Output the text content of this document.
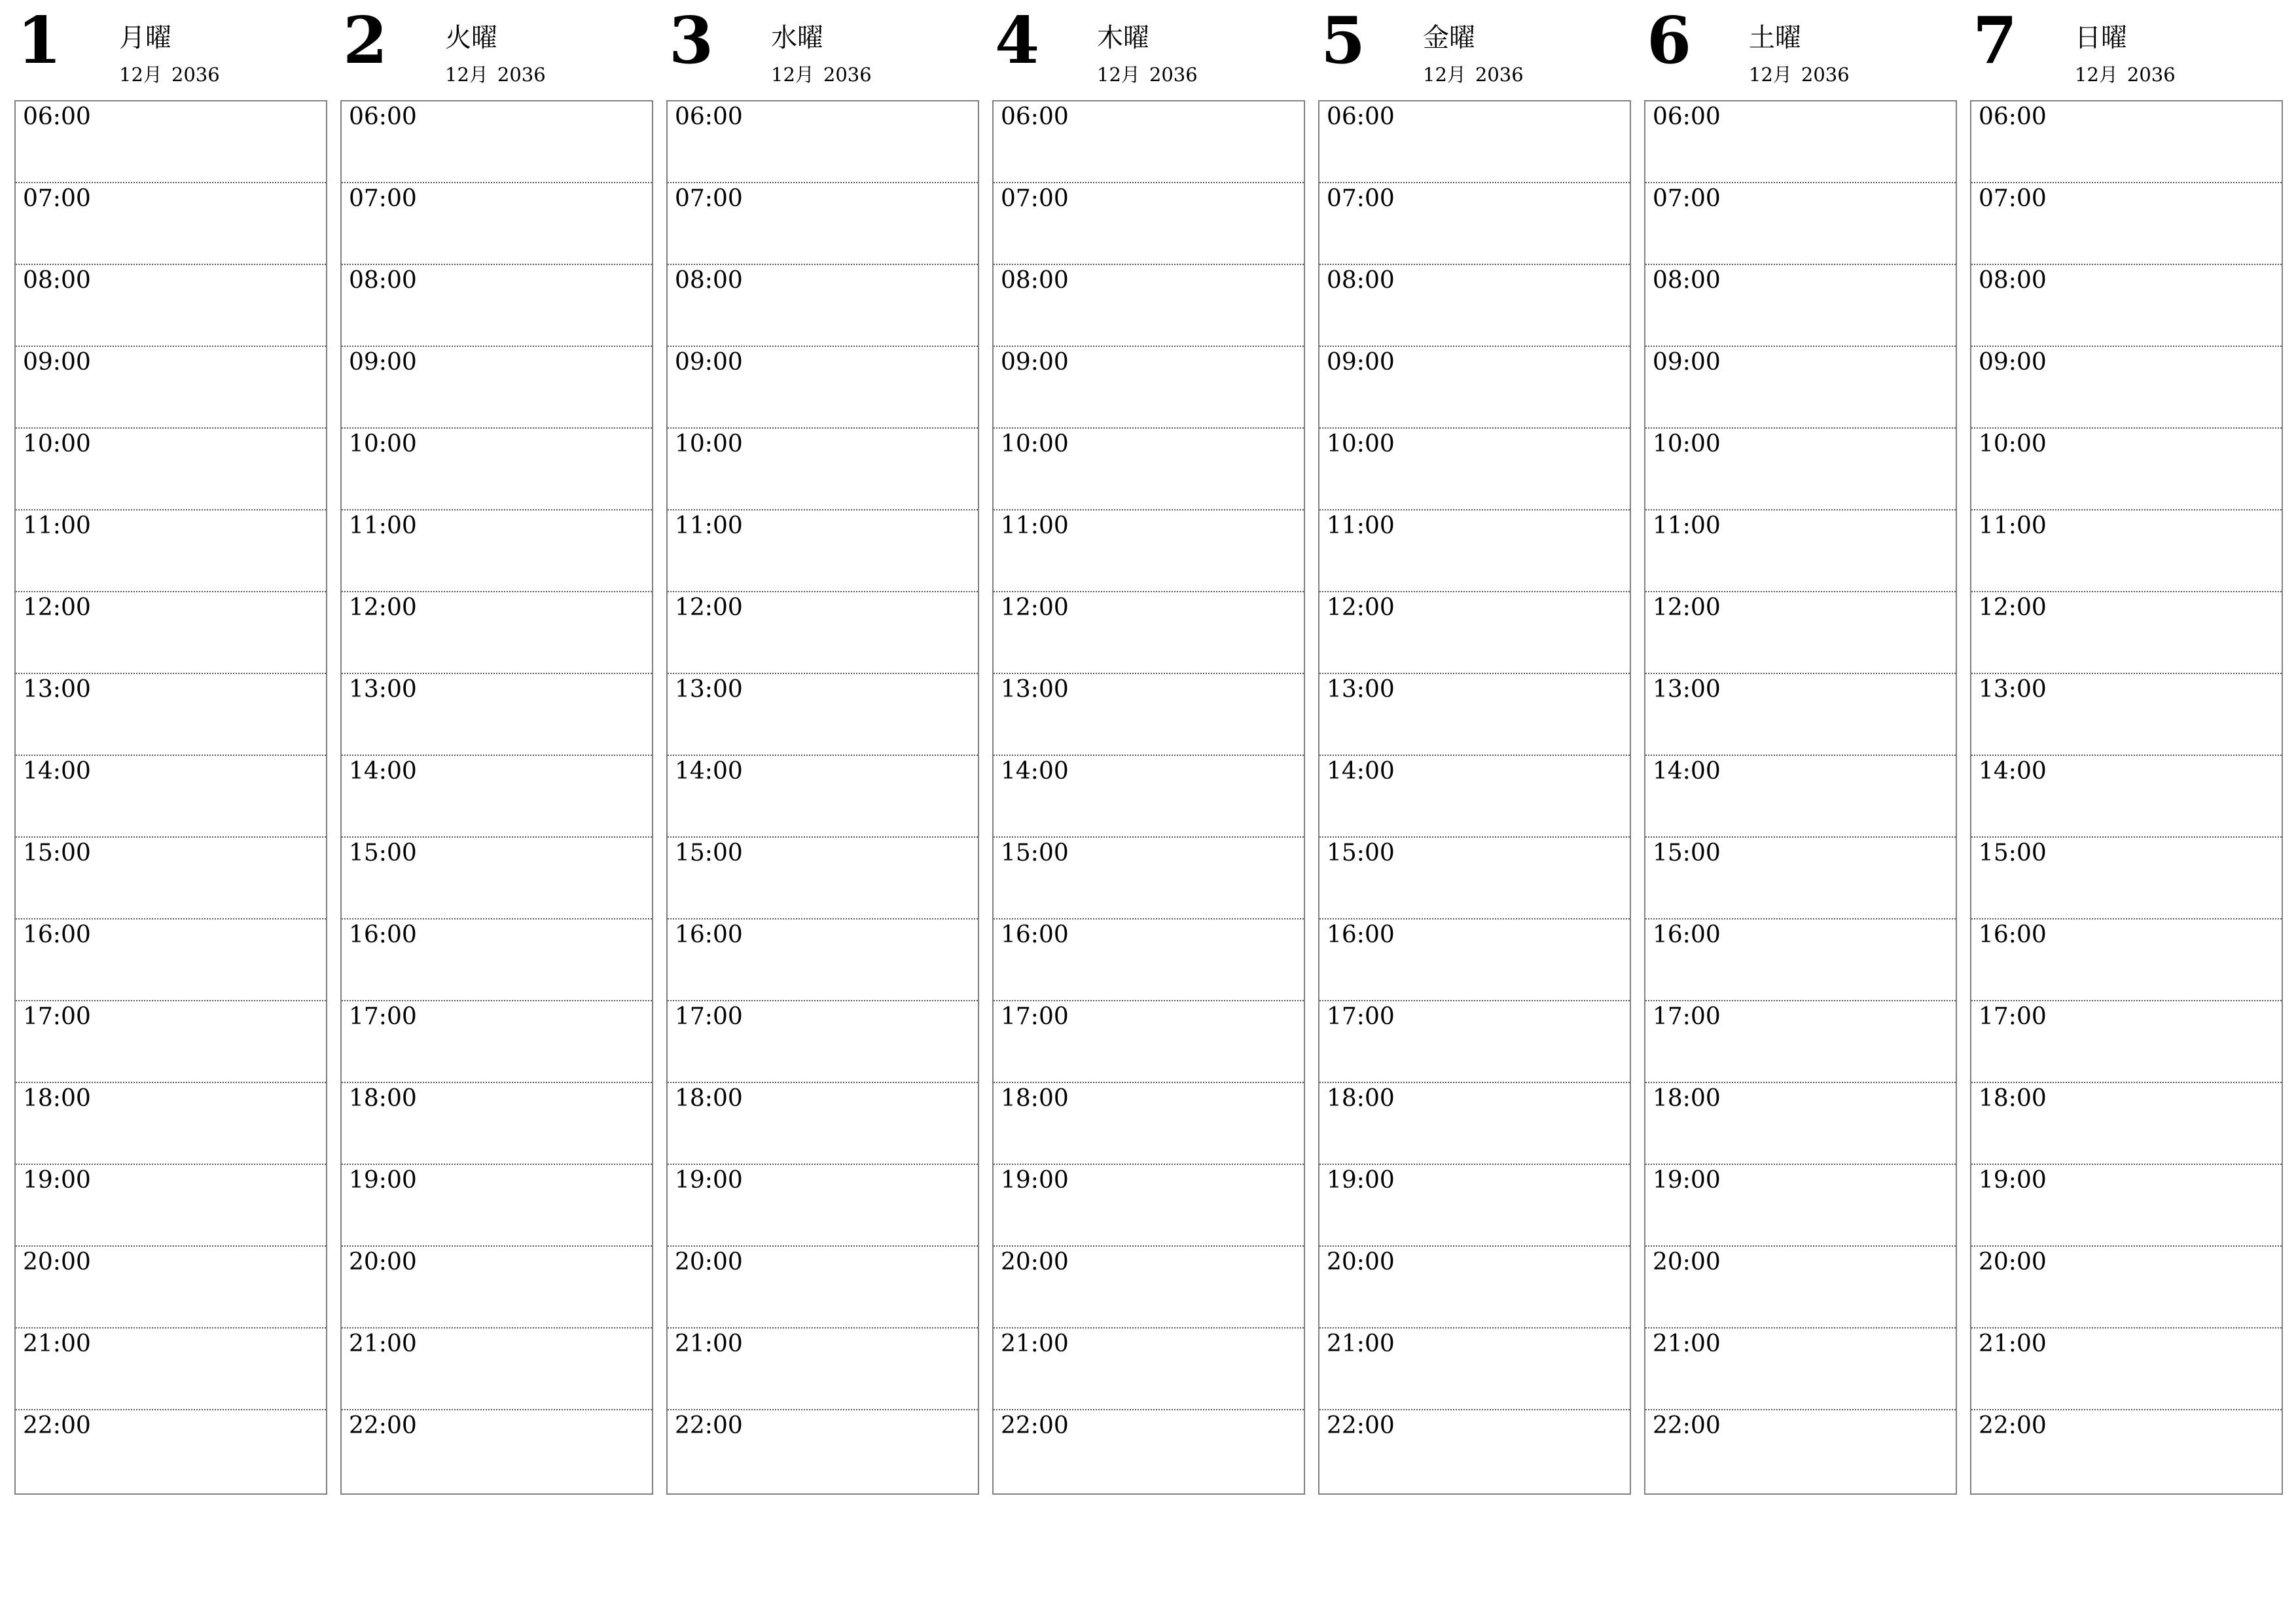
1 月曜
12月 2036
06:00
07:00
08:00
09:00
10:00
11:00
12:00
13:00
14:00
15:00
16:00
17:00
18:00
19:00
20:00
21:00
22:00
2 火曜
12月 2036
06:00
07:00
08:00
09:00
10:00
11:00
12:00
13:00
14:00
15:00
16:00
17:00
18:00
19:00
20:00
21:00
22:00
3 水曜
12月 2036
06:00
07:00
08:00
09:00
10:00
11:00
12:00
13:00
14:00
15:00
16:00
17:00
18:00
19:00
20:00
21:00
22:00
4 木曜
12月 2036
06:00
07:00
08:00
09:00
10:00
11:00
12:00
13:00
14:00
15:00
16:00
17:00
18:00
19:00
20:00
21:00
22:00
5 金曜
12月 2036
06:00
07:00
08:00
09:00
10:00
11:00
12:00
13:00
14:00
15:00
16:00
17:00
18:00
19:00
20:00
21:00
22:00
6 土曜
12月 2036
06:00
07:00
08:00
09:00
10:00
11:00
12:00
13:00
14:00
15:00
16:00
17:00
18:00
19:00
20:00
21:00
22:00
7 日曜
12月 2036
06:00
07:00
08:00
09:00
10:00
11:00
12:00
13:00
14:00
15:00
16:00
17:00
18:00
19:00
20:00
21:00
22:00
